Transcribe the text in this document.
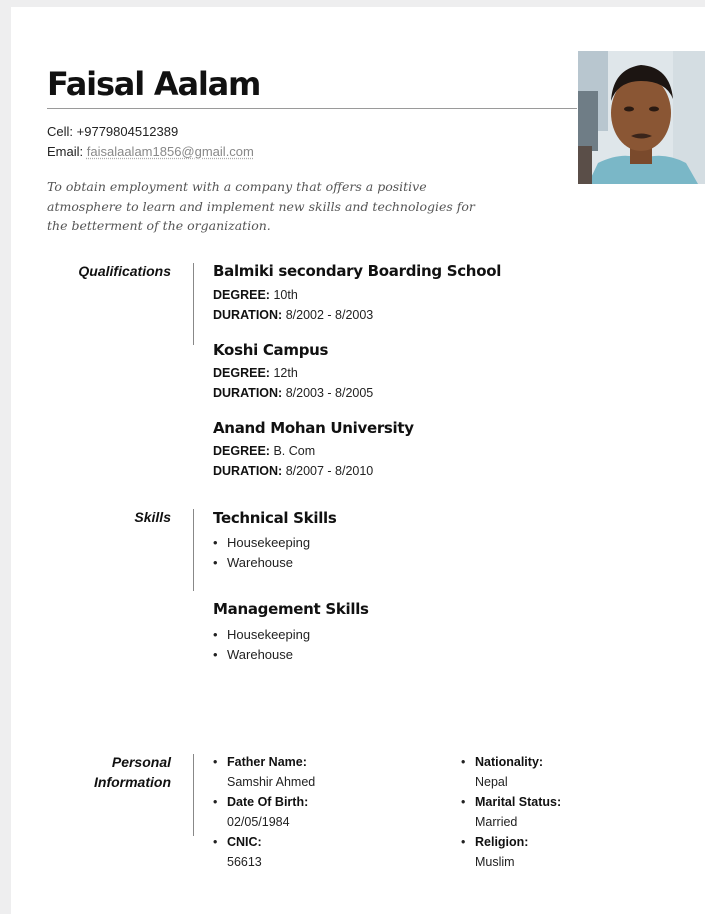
Faisal Aalam
Cell: +9779804512389
Email: faisalaalam1856@gmail.com

To obtain employment with a company that offers a positive atmosphere to learn and implement new skills and technologies for the betterment of the organization.

Qualifications	Balmiki secondary Boarding School
DEGREE: 10th
DURATION: 8/2002 - 8/2003
Koshi Campus
DEGREE: 12th
DURATION: 8/2003 - 8/2005
Anand Mohan University
DEGREE: B. Com
DURATION: 8/2007 - 8/2010
Skills	Technical Skills
• Housekeeping
• Warehouse
Management Skills
• Housekeeping
• Warehouse
Personal
Information
• Father Name:
Samshir Ahmed
• Date Of Birth:
02/05/1984
• CNIC:
56613
• Nationality:
Nepal
• Marital Status:
Married
• Religion:
Muslim
